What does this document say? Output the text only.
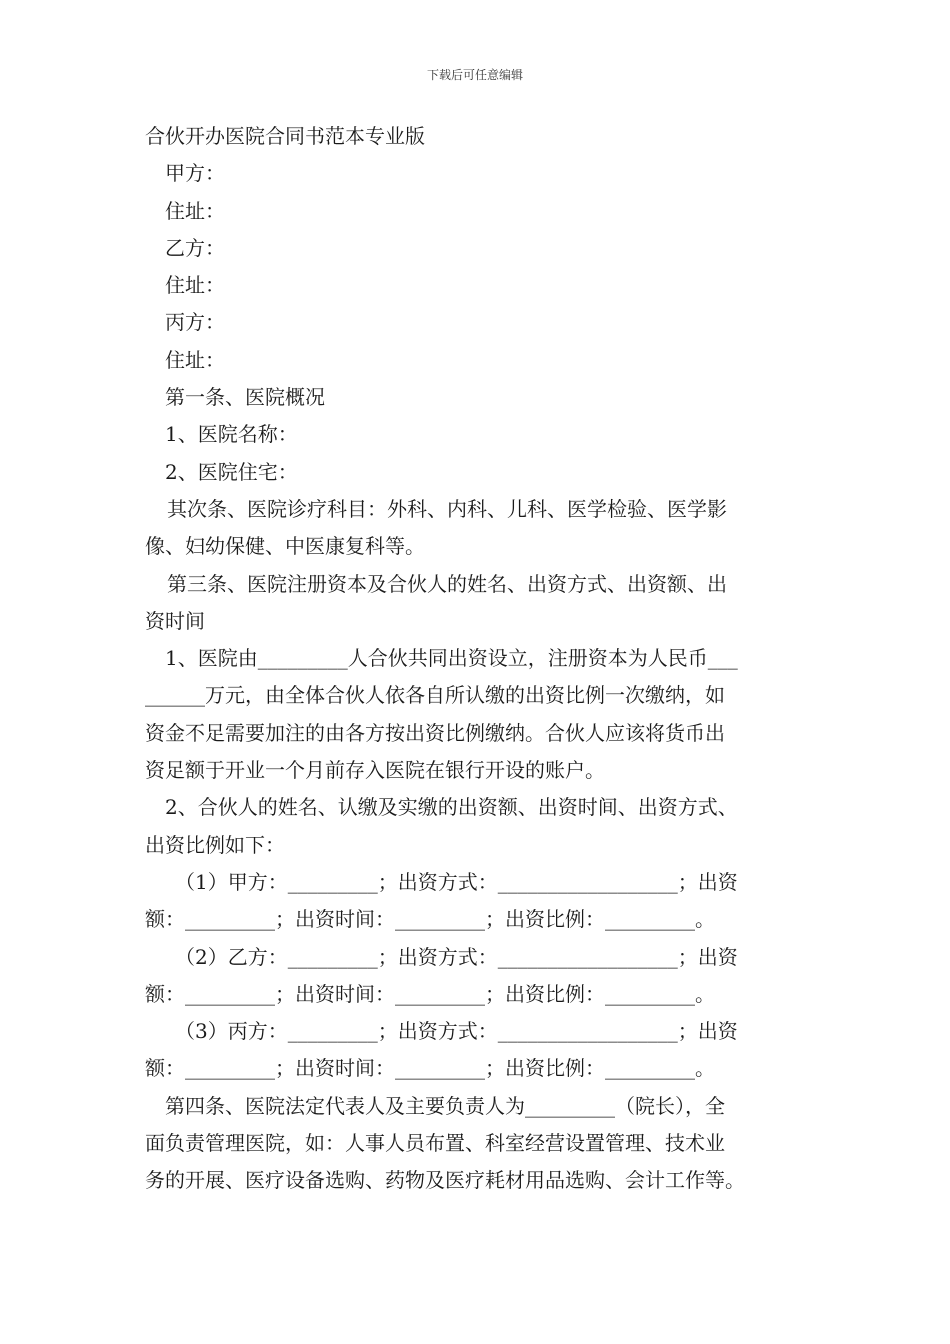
下载后可任意编辑
合伙开办医院合同书范本专业版
甲方：
住址：
乙方：
住址：
丙方：
住址：
第一条、医院概况
1、医院名称：
2、医院住宅：
其次条、医院诊疗科目：外科、内科、儿科、医学检验、医学影
像、妇幼保健、中医康复科等。
第三条、医院注册资本及合伙人的姓名、出资方式、出资额、出
资时间
1、医院由_________人合伙共同出资设立，注册资本为人民币___
______万元，由全体合伙人依各自所认缴的出资比例一次缴纳，如
资金不足需要加注的由各方按出资比例缴纳。合伙人应该将货币出
资足额于开业一个月前存入医院在银行开设的账户。
2、合伙人的姓名、认缴及实缴的出资额、出资时间、出资方式、
出资比例如下：
（1）甲方：_________；出资方式：__________________；出资
额：_________；出资时间：_________；出资比例：_________。
（2）乙方：_________；出资方式：__________________；出资
额：_________；出资时间：_________；出资比例：_________。
（3）丙方：_________；出资方式：__________________；出资
额：_________；出资时间：_________；出资比例：_________。
第四条、医院法定代表人及主要负责人为_________（院长），全
面负责管理医院，如：人事人员布置、科室经营设置管理、技术业
务的开展、医疗设备选购、药物及医疗耗材用品选购、会计工作等。
